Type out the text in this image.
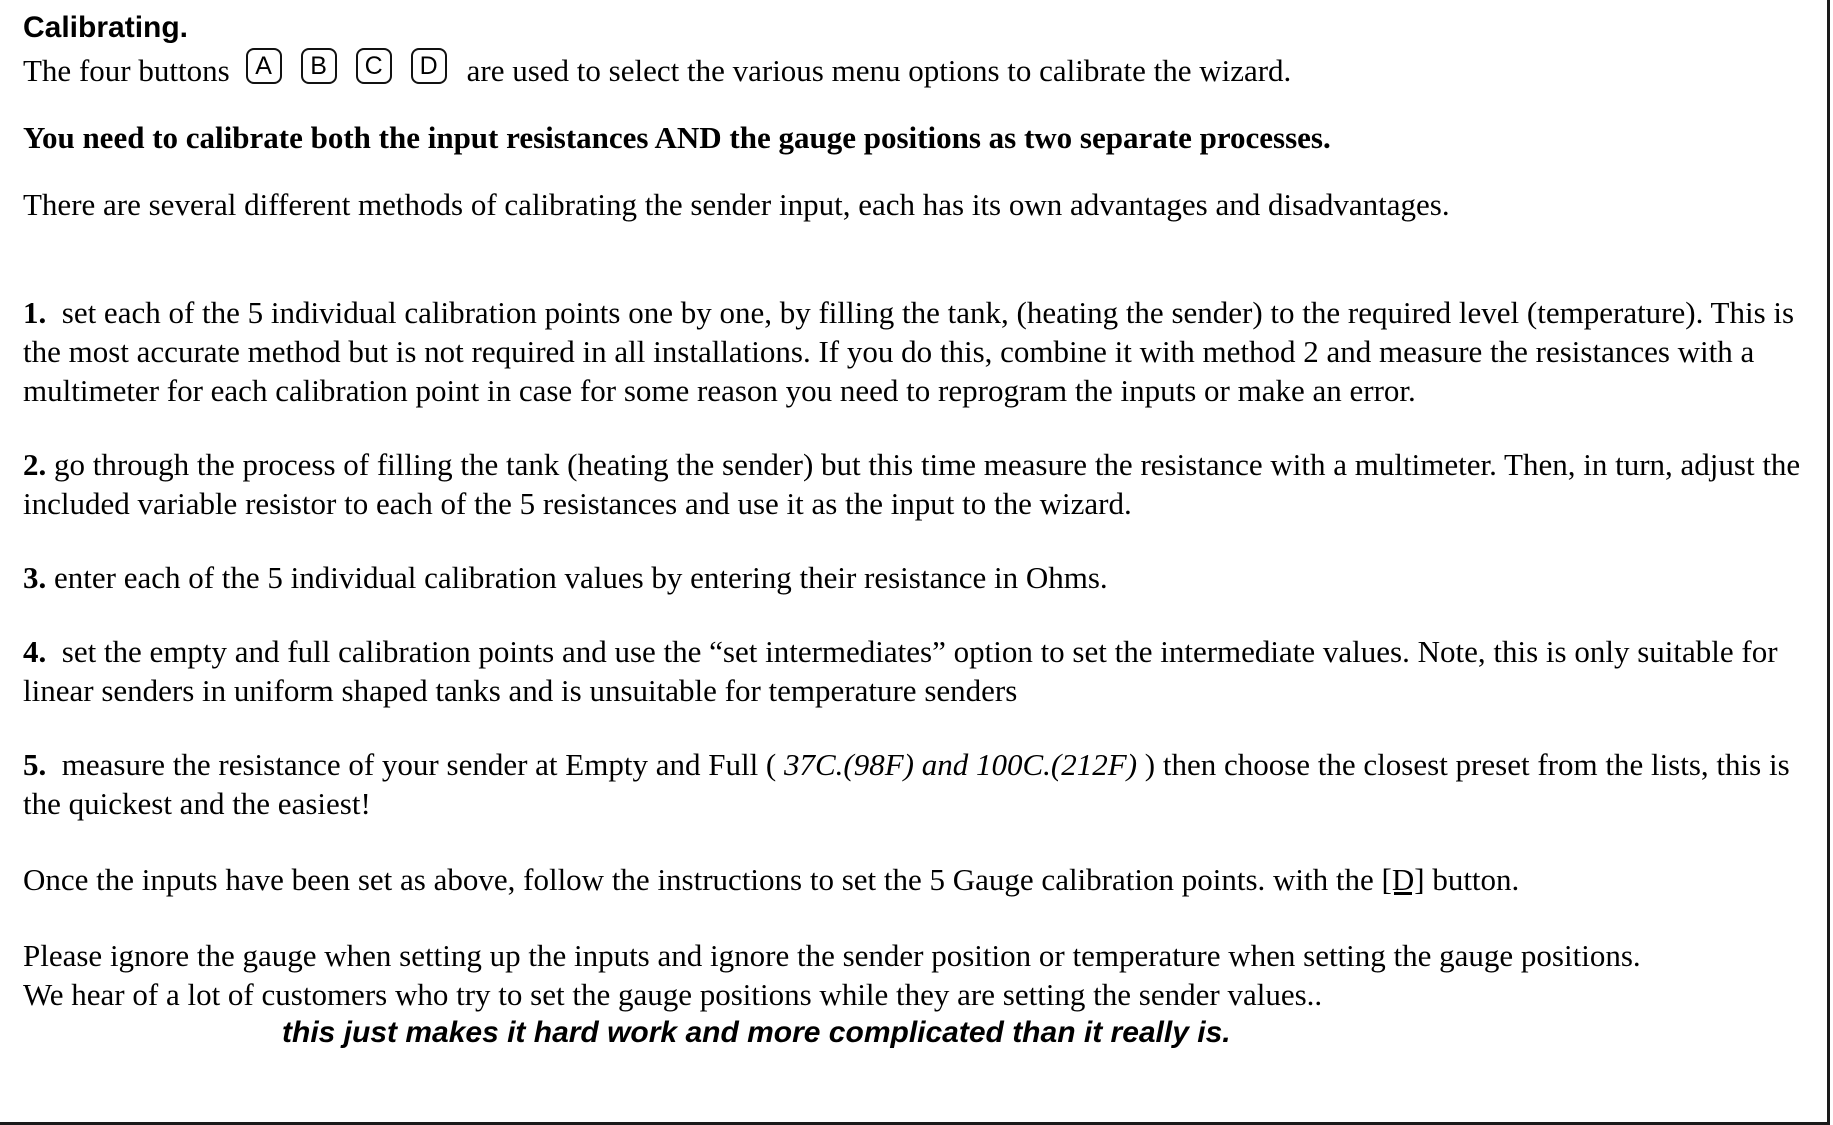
Calibrating.
The four buttons	A	B	C	D are used to select the various menu options to calibrate the wizard.

You need to calibrate both the input resistances AND the gauge positions as two separate processes.

There are several different methods of calibrating the sender input, each has its own advantages and disadvantages.

1. set each of the 5 individual calibration points one by one, by filling the tank, (heating the sender) to the required level (temperature). This is the most accurate method but is not required in all installations. If you do this, combine it with method 2 and measure the resistances with a multimeter for each calibration point in case for some reason you need to reprogram the inputs or make an error.

2. go through the process of filling the tank (heating the sender) but this time measure the resistance with a multimeter. Then, in turn, adjust the included variable resistor to each of the 5 resistances and use it as the input to the wizard.

3. enter each of the 5 individual calibration values by entering their resistance in Ohms.

4. set the empty and full calibration points and use the “set intermediates” option to set the intermediate values. Note, this is only suitable for linear senders in uniform shaped tanks and is unsuitable for temperature senders

5. measure the resistance of your sender at Empty and Full ( 37C.(98F) and 100C.(212F) ) then choose the closest preset from the lists, this is the quickest and the easiest!

Once the inputs have been set as above, follow the instructions to set the 5 Gauge calibration points. with the [D] button.

Please ignore the gauge when setting up the inputs and ignore the sender position or temperature when setting the gauge positions.
We hear of a lot of customers who try to set the gauge positions while they are setting the sender values..

this just makes it hard work and more complicated than it really is.
